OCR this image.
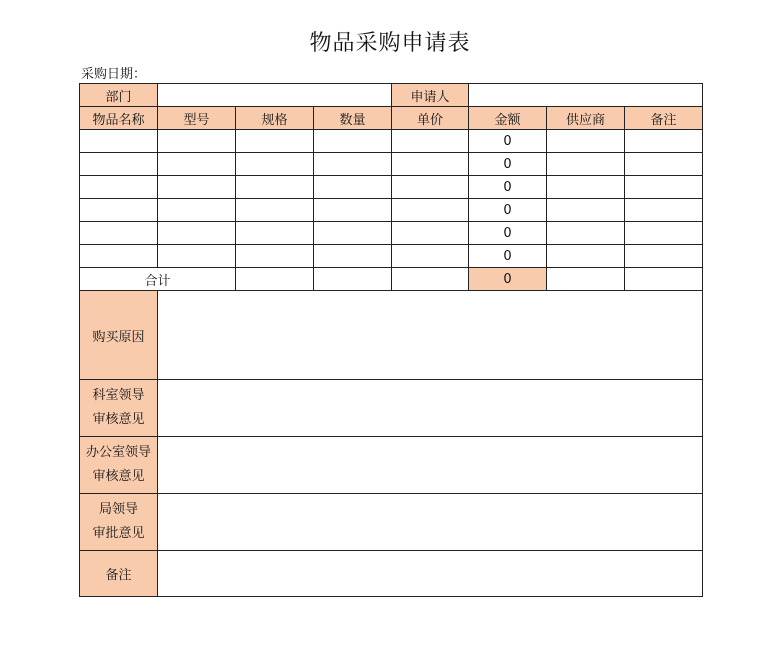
物品采购申请表
采购日期：
部门				申请人			
物品名称	型号	规格	数量	单价	金额	供应商	备注
					0		
					0		
					0		
					0		
					0		
					0		
合计					0		
购买原因							

科室领导
审核意见							

办公室领导
审核意见							

局领导
审批意见							

备注							
